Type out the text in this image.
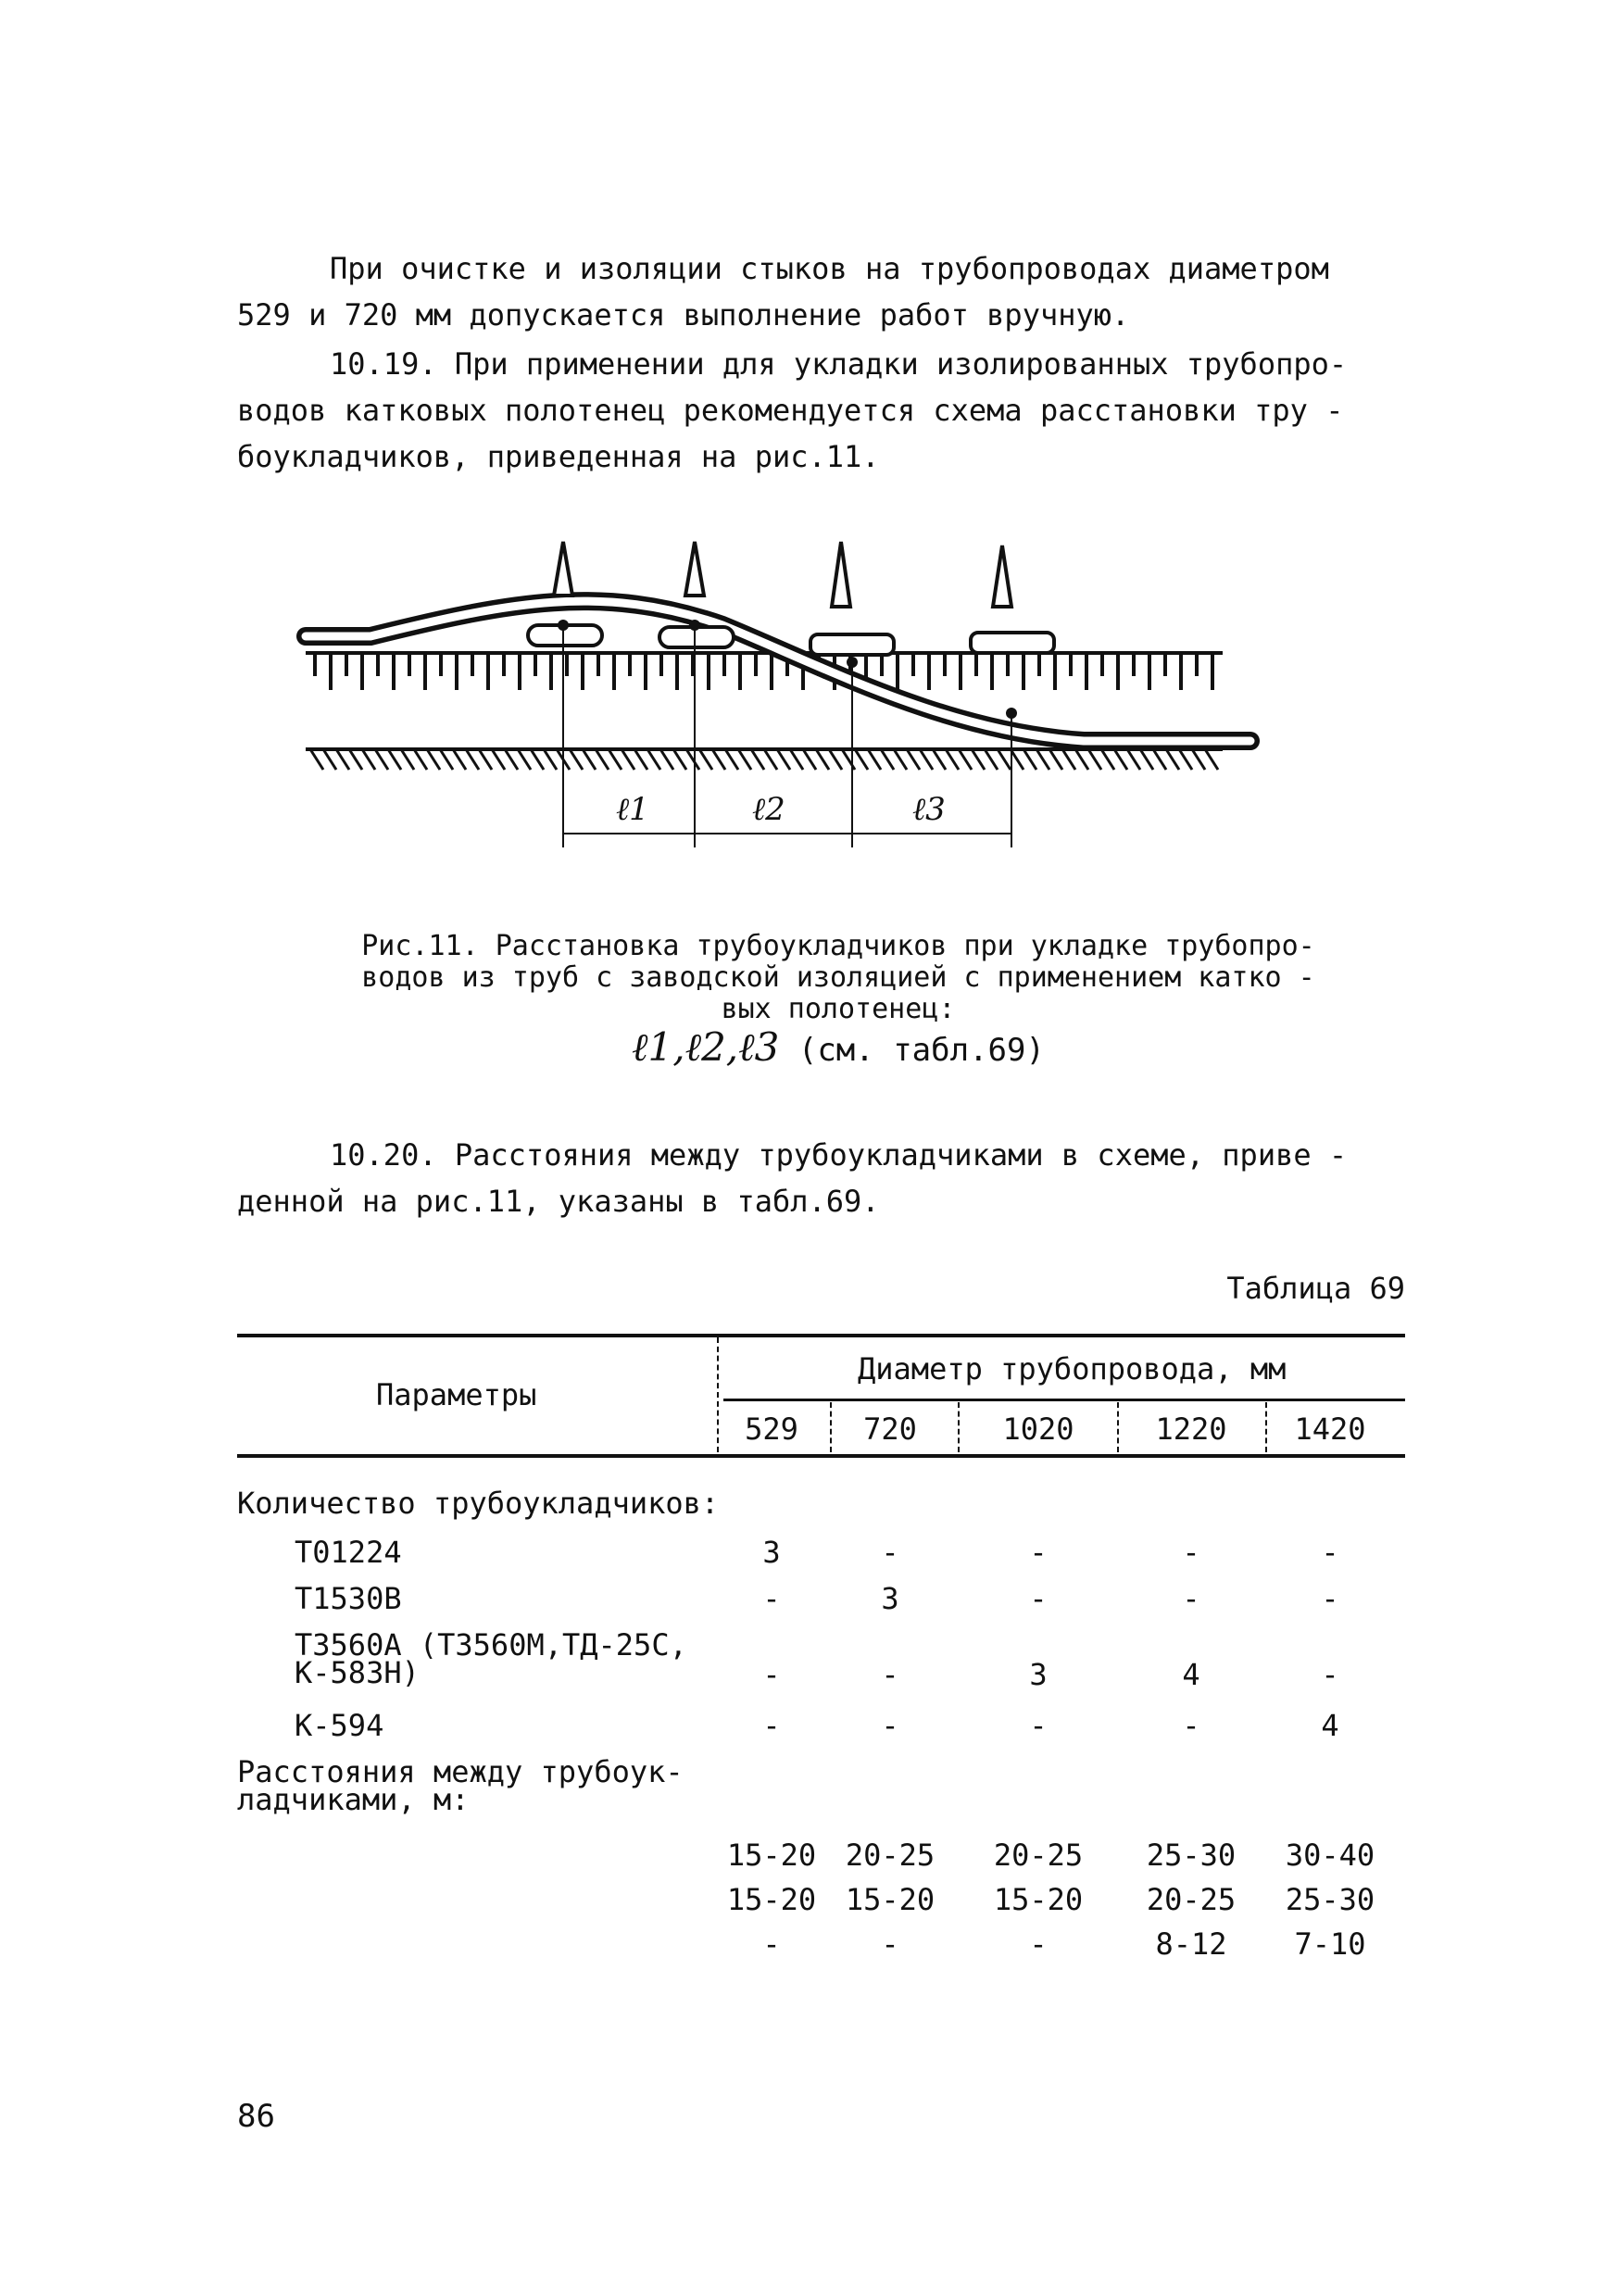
При очистке и изоляции стыков на трубопроводах диаметром
529 и 720 мм допускается выполнение работ вручную.

10.19. При применении для укладки изолированных трубопро-
водов катковых полотенец рекомендуется схема расстановки тру -
боукладчиков, приведенная на рис.11.

ℓ1	ℓ2	ℓ3

Рис.11. Расстановка трубоукладчиков при укладке трубопро-
водов из труб с заводской изоляцией с применением катко -
вых полотенец:
ℓ1,ℓ2,ℓ3 (см. табл.69)

10.20. Расстояния между трубоукладчиками в схеме, приве -
денной на рис.11, указаны в табл.69.

Таблица 69
Параметры
Диаметр трубопровода, мм
529	720	1020	1220	1420
Количество трубоукладчиков:
T01224	3	-	-	-	-
T1530B	-	3	-	-	-
T3560A (T3560M,ТД-25C,
K-583H)	-	-	3	4	-
K-594	-	-	-	-	4
Расстояния между трубоук-
ладчиками, м:
15-20 20-25 20-25 25-30 30-40
15-20 15-20 15-20 20-25 25-30
-	-	-	8-12	7-10
86
